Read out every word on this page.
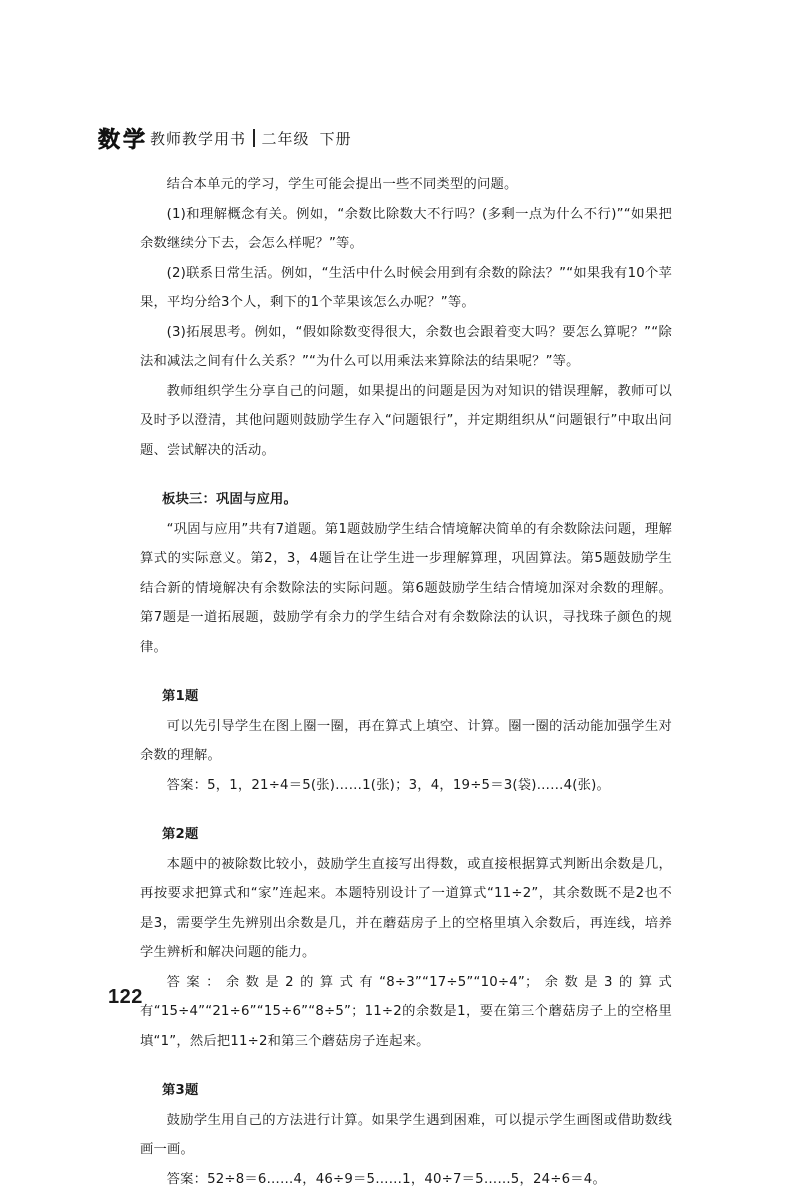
数 学 教师教学用书 二年级 下册

结合本单元的学习，学生可能会提出一些不同类型的问题。

(1)和理解概念有关。例如，“余数比除数大不行吗？(多剩一点为什么不行)”“如果把余数继续分下去，会怎么样呢？”等。

(2)联系日常生活。例如，“生活中什么时候会用到有余数的除法？”“如果我有10个苹果，平均分给3个人，剩下的1个苹果该怎么办呢？”等。

(3)拓展思考。例如，“假如除数变得很大，余数也会跟着变大吗？要怎么算呢？”“除法和减法之间有什么关系？”“为什么可以用乘法来算除法的结果呢？”等。

教师组织学生分享自己的问题，如果提出的问题是因为对知识的错误理解，教师可以及时予以澄清，其他问题则鼓励学生存入“问题银行”，并定期组织从“问题银行”中取出问题、尝试解决的活动。

板块三：巩固与应用。

“巩固与应用”共有7道题。第1题鼓励学生结合情境解决简单的有余数除法问题，理解算式的实际意义。第2，3，4题旨在让学生进一步理解算理，巩固算法。第5题鼓励学生结合新的情境解决有余数除法的实际问题。第6题鼓励学生结合情境加深对余数的理解。第7题是一道拓展题，鼓励学有余力的学生结合对有余数除法的认识，寻找珠子颜色的规律。

第1题

可以先引导学生在图上圈一圈，再在算式上填空、计算。圈一圈的活动能加强学生对余数的理解。

答案：5，1，21÷4＝5(张)……1(张)；3，4，19÷5＝3(袋)……4(张)。

第2题

本题中的被除数比较小，鼓励学生直接写出得数，或直接根据算式判断出余数是几，再按要求把算式和“家”连起来。本题特别设计了一道算式“11÷2”，其余数既不是2也不是3，需要学生先辨别出余数是几，并在蘑菇房子上的空格里填入余数后，再连线，培养学生辨析和解决问题的能力。

答案：余数是2的算式有“8÷3”“17÷5”“10÷4”；余数是3的算式有“15÷4”“21÷6”“15÷6”“8÷5”；11÷2的余数是1，要在第三个蘑菇房子上的空格里填“1”，然后把11÷2和第三个蘑菇房子连起来。

第3题

鼓励学生用自己的方法进行计算。如果学生遇到困难，可以提示学生画图或借助数线画一画。

答案：52÷8＝6……4，46÷9＝5……1，40÷7＝5……5，24÷6＝4。

122
